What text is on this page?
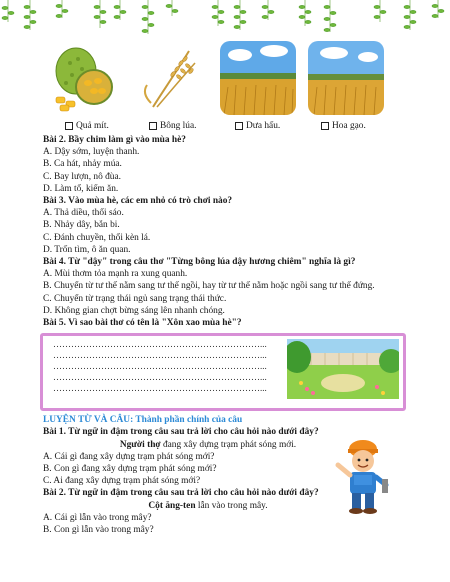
Quả mít.	Bông lúa.	Dưa hấu.	Hoa gạo.

Bài 2. Bầy chim làm gì vào mùa hè?

A. Dậy sớm, luyện thanh.

B. Ca hát, nhảy múa.

C. Bay lượn, nô đùa.

D. Làm tổ, kiếm ăn.

Bài 3. Vào mùa hè, các em nhỏ có trò chơi nào?

A. Thả diều, thổi sáo.

B. Nhảy dây, bắn bi.

C. Đánh chuyền, thổi kèn lá.

D. Trốn tìm, ô ăn quan.

Bài 4. Từ "dậy" trong câu thơ "Từng bông lúa dậy hương chiêm" nghĩa là gì?

A. Mùi thơm tỏa mạnh ra xung quanh.

B. Chuyển từ tư thế nằm sang tư thế ngồi, hay từ tư thế nằm hoặc ngồi sang tư thế đứng.

C. Chuyển từ trạng thái ngủ sang trạng thái thức.

D. Không gian chợt bừng sáng lên nhanh chóng.

Bài 5. Vì sao bài thơ có tên là "Xôn xao mùa hè"?

……………………………………………………………...
……………………………………………………………...
……………………………………………………………...
……………………………………………………………...
……………………………………………………………...

LUYỆN TỪ VÀ CÂU: Thành phần chính của câu

Bài 1. Từ ngữ in đậm trong câu sau trả lời cho câu hỏi nào dưới đây?

Người thợ đang xây dựng trạm phát sóng mới.

A. Cái gì đang xây dựng trạm phát sóng mới?

B. Con gì đang xây dựng trạm phát sóng mới?

C. Ai đang xây dựng trạm phát sóng mới?

Bài 2. Từ ngữ in đậm trong câu sau trả lời cho câu hỏi nào dưới đây?

Cột ăng-ten lẫn vào trong mây.

A. Cái gì lẫn vào trong mây?

B. Con gì lẫn vào trong mây?
